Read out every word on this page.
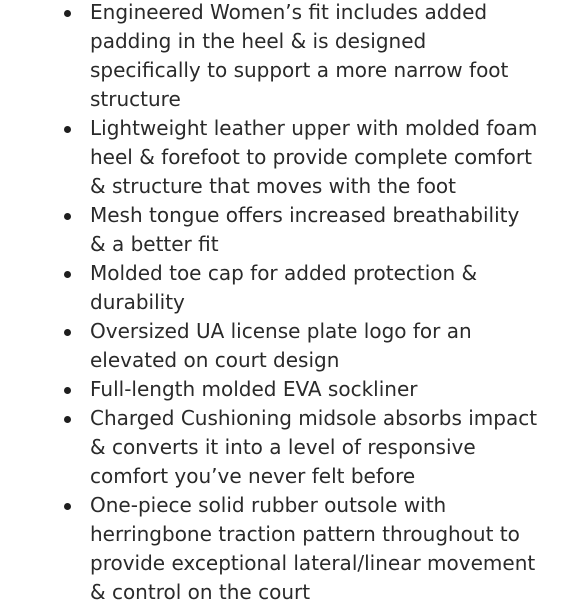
Engineered Women’s fit includes added padding in the heel & is designed specifically to support a more narrow foot structure
Lightweight leather upper with molded foam heel & forefoot to provide complete comfort & structure that moves with the foot
Mesh tongue offers increased breathability & a better fit
Molded toe cap for added protection & durability
Oversized UA license plate logo for an elevated on court design
Full-length molded EVA sockliner
Charged Cushioning midsole absorbs impact & converts it into a level of responsive comfort you’ve never felt before
One-piece solid rubber outsole with herringbone traction pattern throughout to provide exceptional lateral/linear movement & control on the court
